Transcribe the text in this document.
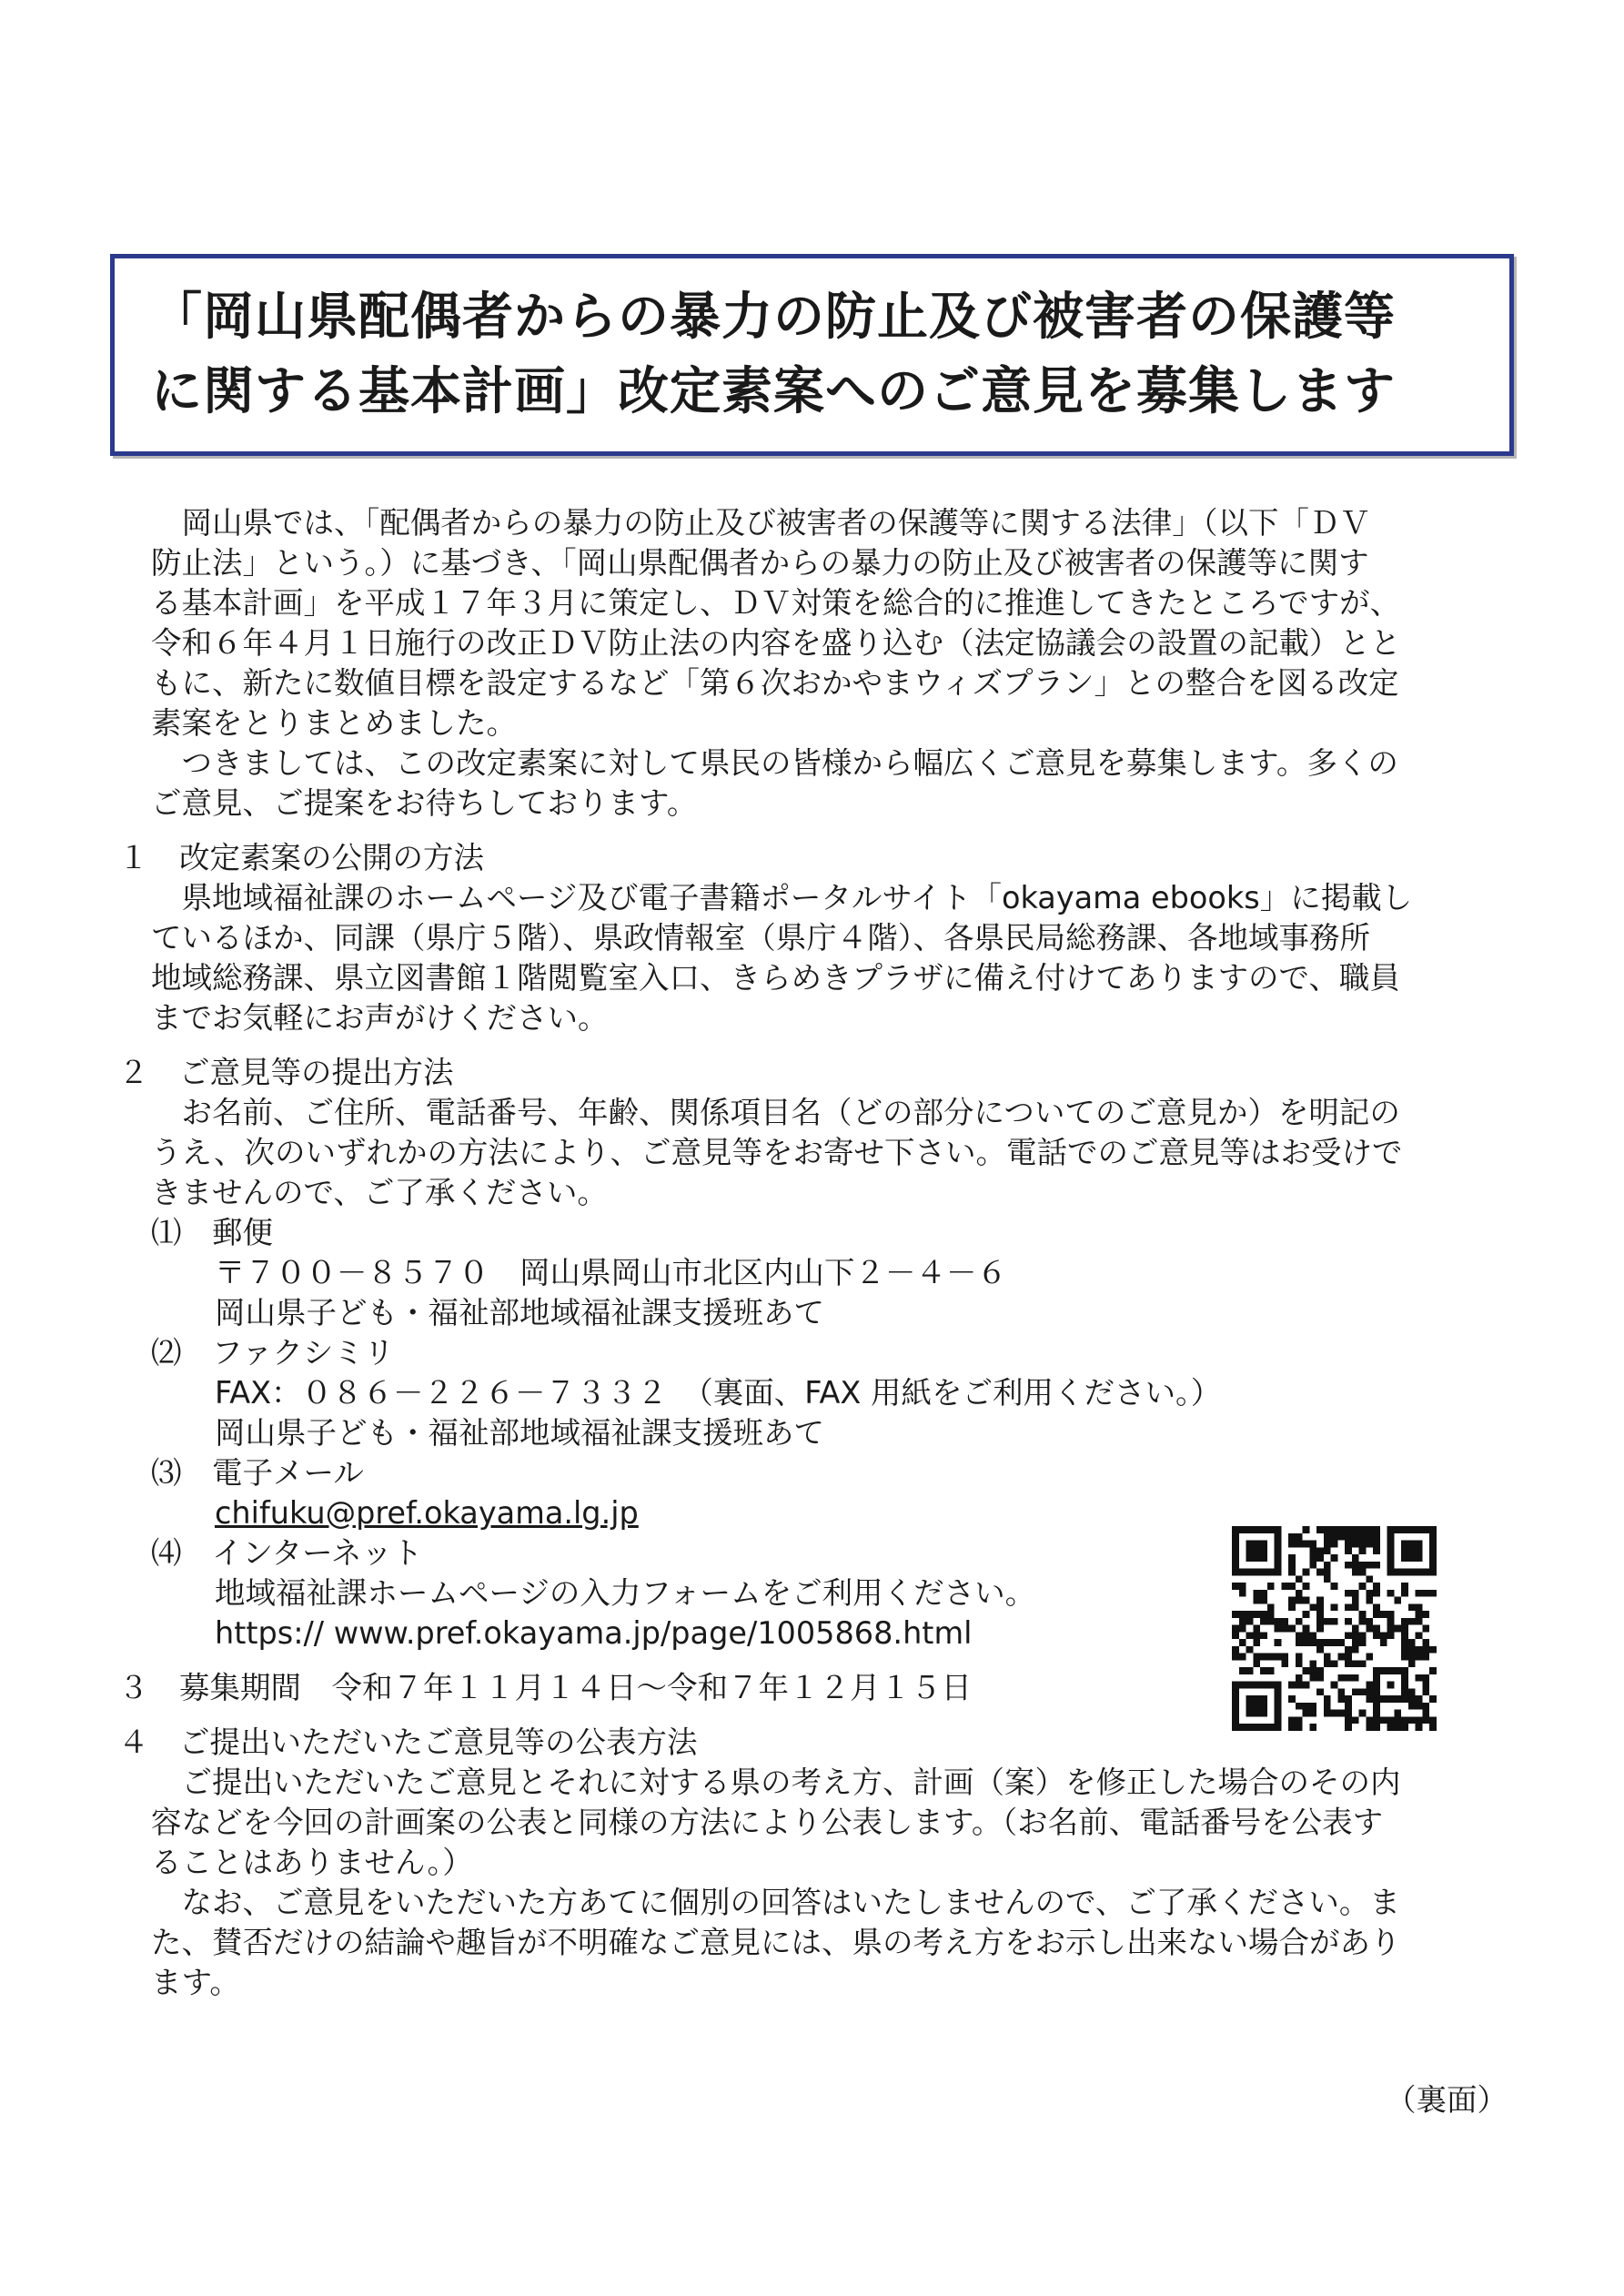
「岡山県配偶者からの暴力の防止及び被害者の保護等
に関する基本計画」改定素案へのご意見を募集します
　岡山県では、「配偶者からの暴力の防止及び被害者の保護等に関する法律」（以下「ＤＶ
防止法」という。）に基づき、「岡山県配偶者からの暴力の防止及び被害者の保護等に関す
る基本計画」を平成１７年３月に策定し、ＤＶ対策を総合的に推進してきたところですが、
令和６年４月１日施行の改正ＤＶ防止法の内容を盛り込む（法定協議会の設置の記載）とと
もに、新たに数値目標を設定するなど「第６次おかやまウィズプラン」との整合を図る改定
素案をとりまとめました。
　つきましては、この改定素案に対して県民の皆様から幅広くご意見を募集します。多くの
ご意見、ご提案をお待ちしております。
１　改定素案の公開の方法
　県地域福祉課のホームページ及び電子書籍ポータルサイト「okayama ebooks」に掲載し
ているほか、同課（県庁５階）、県政情報室（県庁４階）、各県民局総務課、各地域事務所
地域総務課、県立図書館１階閲覧室入口、きらめきプラザに備え付けてありますので、職員
までお気軽にお声がけください。
２　ご意見等の提出方法
　お名前、ご住所、電話番号、年齢、関係項目名（どの部分についてのご意見か）を明記の
うえ、次のいずれかの方法により、ご意見等をお寄せ下さい。電話でのご意見等はお受けで
きませんので、ご了承ください。
⑴　郵便
〒７００－８５７０　岡山県岡山市北区内山下２－４－６
岡山県子ども・福祉部地域福祉課支援班あて
⑵　ファクシミリ
FAX：０８６－２２６－７３３２　（裏面、FAX 用紙をご利用ください。）
岡山県子ども・福祉部地域福祉課支援班あて
⑶　電子メール
chifuku@pref.okayama.lg.jp
⑷　インターネット
地域福祉課ホームページの入力フォームをご利用ください。
https:// www.pref.okayama.jp/page/1005868.html
３　募集期間　令和７年１１月１４日～令和７年１２月１５日
４　ご提出いただいたご意見等の公表方法
　ご提出いただいたご意見とそれに対する県の考え方、計画（案）を修正した場合のその内
容などを今回の計画案の公表と同様の方法により公表します。（お名前、電話番号を公表す
ることはありません。）
　なお、ご意見をいただいた方あてに個別の回答はいたしませんので、ご了承ください。ま
た、賛否だけの結論や趣旨が不明確なご意見には、県の考え方をお示し出来ない場合があり
ます。
（裏面）
